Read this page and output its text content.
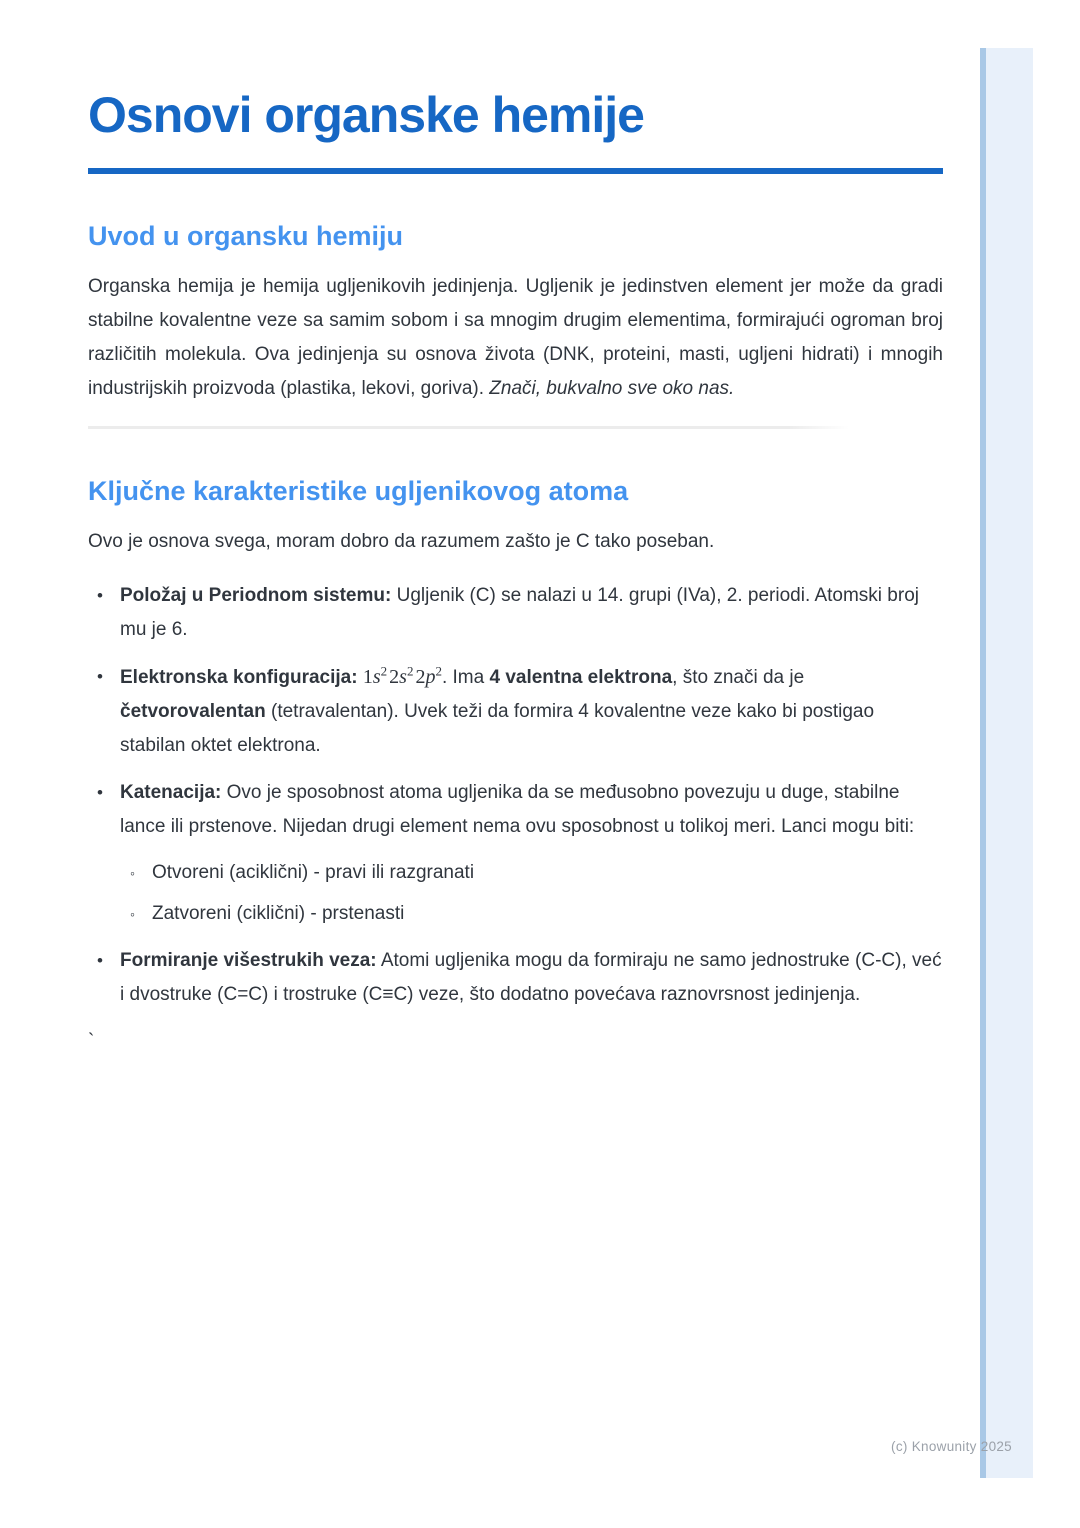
Osnovi organske hemije
Uvod u organsku hemiju

Organska hemija je hemija ugljenikovih jedinjenja. Ugljenik je jedinstven element jer može da gradi stabilne kovalentne veze sa samim sobom i sa mnogim drugim elementima, formirajući ogroman broj različitih molekula. Ova jedinjenja su osnova života (DNK, proteini, masti, ugljeni hidrati) i mnogih industrijskih proizvoda (plastika, lekovi, goriva). Znači, bukvalno sve oko nas.

Ključne karakteristike ugljenikovog atoma

Ovo je osnova svega, moram dobro da razumem zašto je C tako poseban.

• Položaj u Periodnom sistemu: Ugljenik (C) se nalazi u 14. grupi (IVa), 2. periodi. Atomski broj mu je 6.
• Elektronska konfiguracija: $1s^2$ $2s^2$ $2p^2$. Ima 4 valentna elektrona, što znači da je četvorovalentan (tetravalentan). Uvek teži da formira 4 kovalentne veze kako bi postigao stabilan oktet elektrona.
• Katenacija: Ovo je sposobnost atoma ugljenika da se međusobno povezuju u duge, stabilne lance ili prstenove. Nijedan drugi element nema ovu sposobnost u tolikoj meri. Lanci mogu biti:
◦ Otvoreni (aciklični) - pravi ili razgranati
◦ Zatvoreni (ciklični) - prstenasti
• Formiranje višestrukih veza: Atomi ugljenika mogu da formiraju ne samo jednostruke (C-C), već i dvostruke (C=C) i trostruke (C≡C) veze, što dodatno povećava raznovrsnost jedinjenja.
`
(c) Knowunity 2025
